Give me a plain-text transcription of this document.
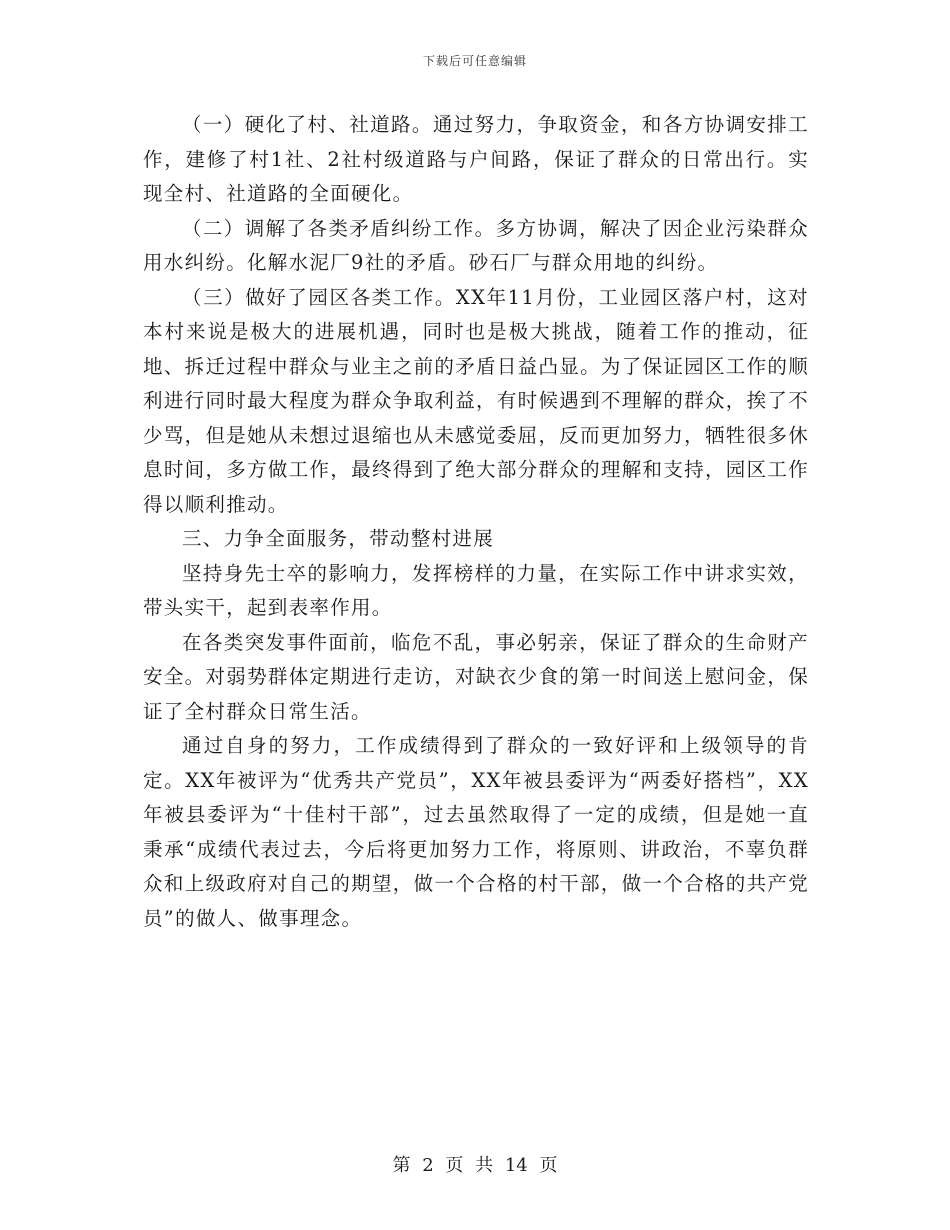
下载后可任意编辑

（一）硬化了村、社道路。通过努力，争取资金，和各方协调安排工作，建修了村1社、2社村级道路与户间路，保证了群众的日常出行。实现全村、社道路的全面硬化。

（二）调解了各类矛盾纠纷工作。多方协调，解决了因企业污染群众用水纠纷。化解水泥厂9社的矛盾。砂石厂与群众用地的纠纷。

（三）做好了园区各类工作。XX年11月份，工业园区落户村，这对本村来说是极大的进展机遇，同时也是极大挑战，随着工作的推动，征地、拆迁过程中群众与业主之前的矛盾日益凸显。为了保证园区工作的顺利进行同时最大程度为群众争取利益，有时候遇到不理解的群众，挨了不少骂，但是她从未想过退缩也从未感觉委屈，反而更加努力，牺牲很多休息时间，多方做工作，最终得到了绝大部分群众的理解和支持，园区工作得以顺利推动。

三、力争全面服务，带动整村进展

坚持身先士卒的影响力，发挥榜样的力量，在实际工作中讲求实效，带头实干，起到表率作用。

在各类突发事件面前，临危不乱，事必躬亲，保证了群众的生命财产安全。对弱势群体定期进行走访，对缺衣少食的第一时间送上慰问金，保证了全村群众日常生活。

通过自身的努力，工作成绩得到了群众的一致好评和上级领导的肯定。XX年被评为“优秀共产党员”，XX年被县委评为“两委好搭档”，XX年被县委评为“十佳村干部”，过去虽然取得了一定的成绩，但是她一直秉承“成绩代表过去，今后将更加努力工作，将原则、讲政治，不辜负群众和上级政府对自己的期望，做一个合格的村干部，做一个合格的共产党员”的做人、做事理念。

第 2 页 共 14 页
